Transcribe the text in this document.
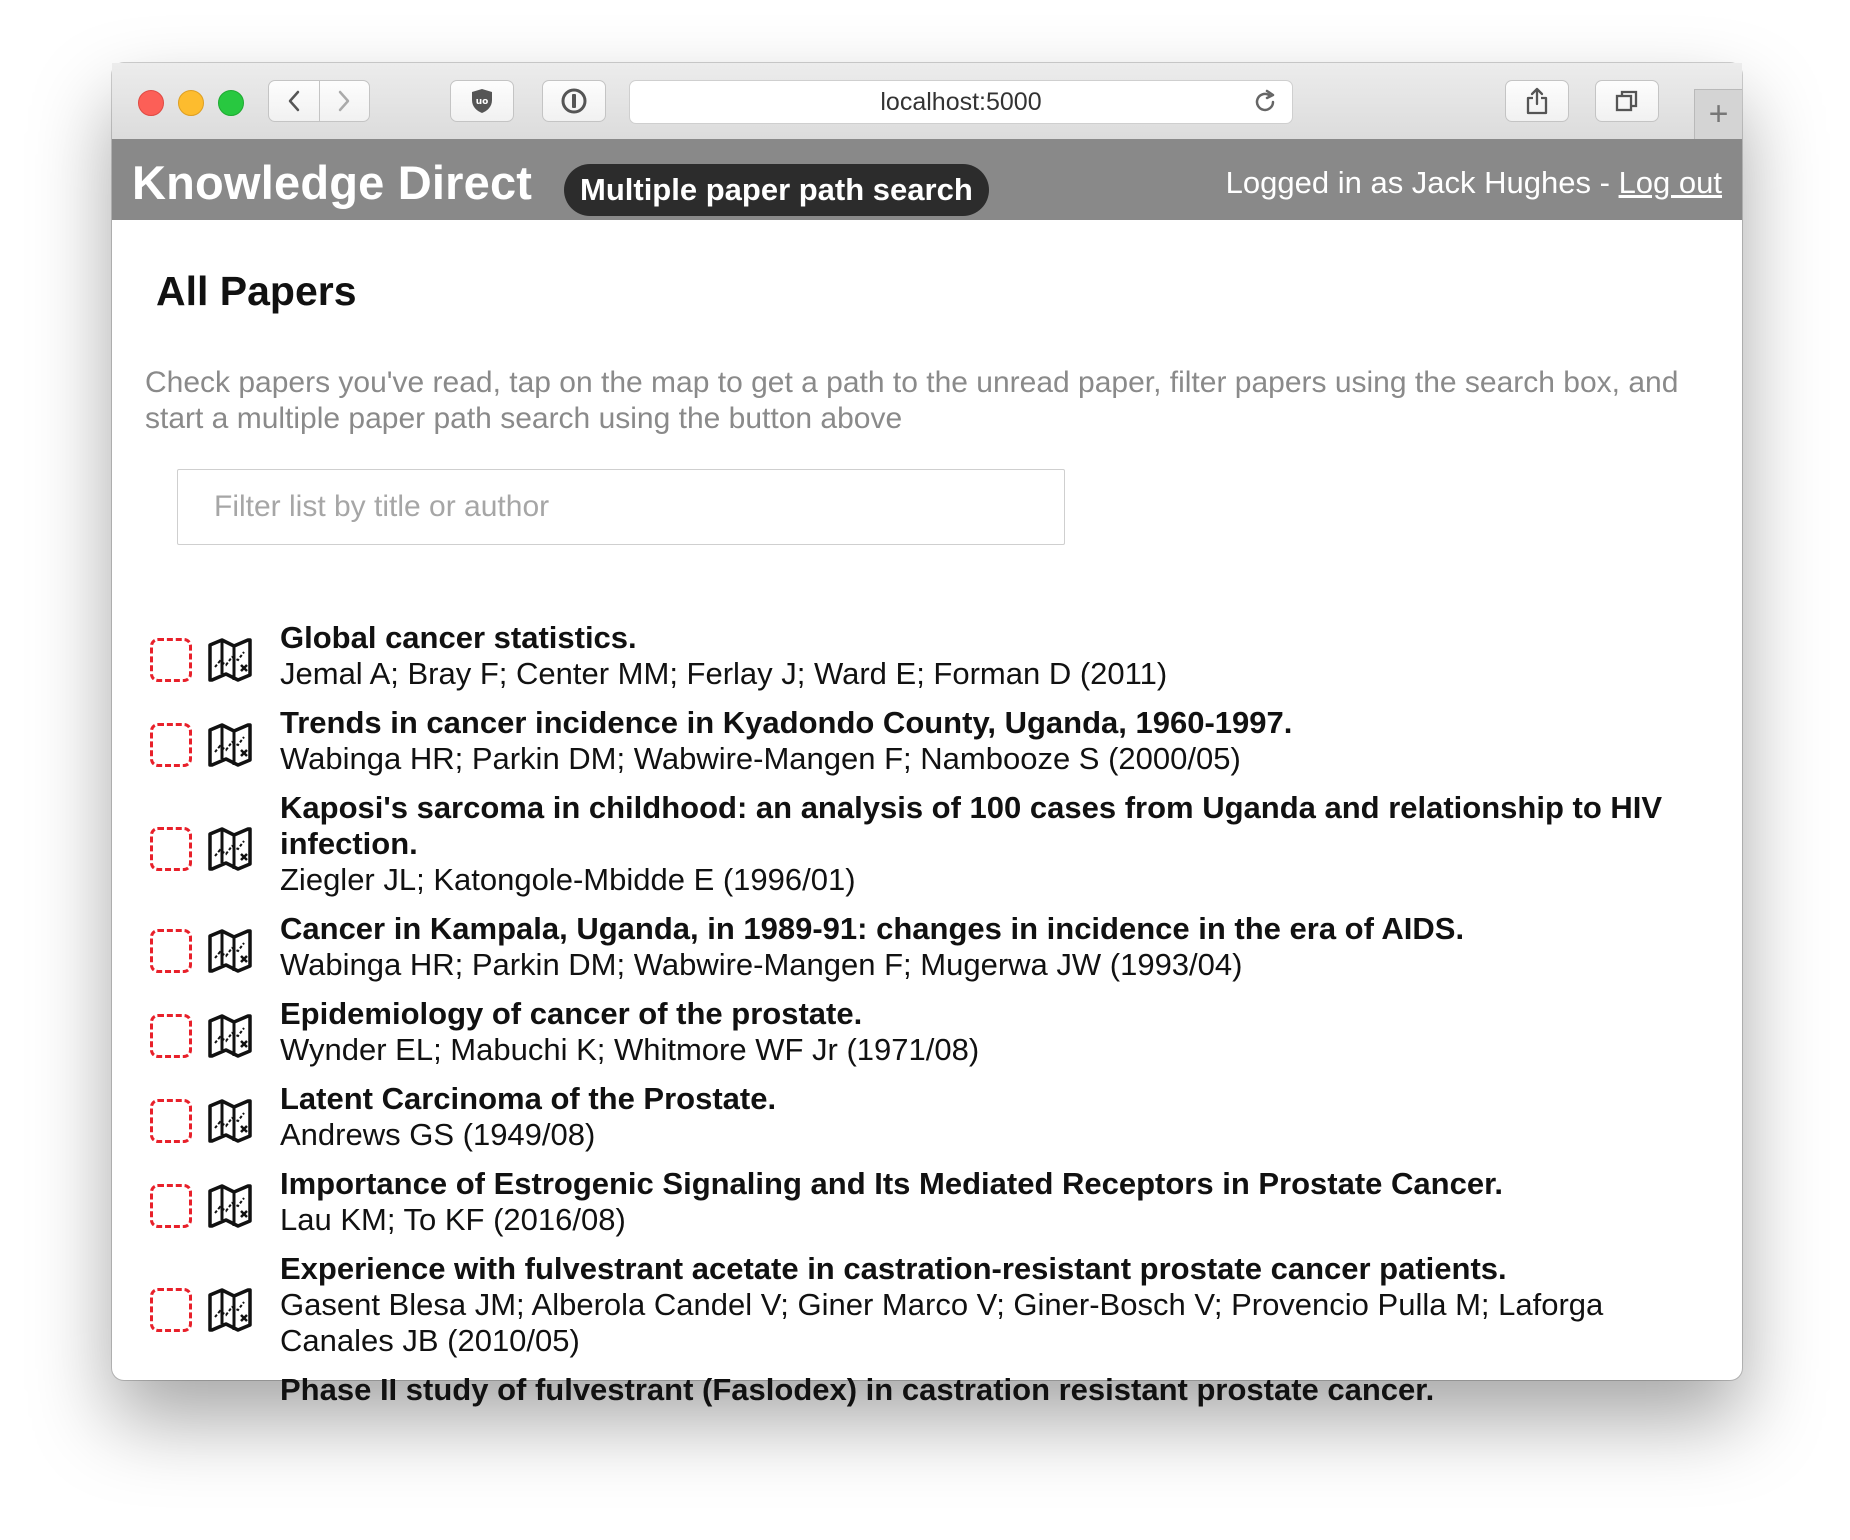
uo	localhost:5000	+
Knowledge Direct	Multiple paper path search	Logged in as Jack Hughes - Log out
All Papers

Check papers you've read, tap on the map to get a path to the unread paper, filter papers using the search box, and start a multiple paper path search using the button above

Filter list by title or author
Global cancer statistics.
Jemal A; Bray F; Center MM; Ferlay J; Ward E; Forman D (2011)
Trends in cancer incidence in Kyadondo County, Uganda, 1960-1997.
Wabinga HR; Parkin DM; Wabwire-Mangen F; Nambooze S (2000/05)
Kaposi's sarcoma in childhood: an analysis of 100 cases from Uganda and relationship to HIV infection.
Ziegler JL; Katongole-Mbidde E (1996/01)
Cancer in Kampala, Uganda, in 1989-91: changes in incidence in the era of AIDS.
Wabinga HR; Parkin DM; Wabwire-Mangen F; Mugerwa JW (1993/04)
Epidemiology of cancer of the prostate.
Wynder EL; Mabuchi K; Whitmore WF Jr (1971/08)
Latent Carcinoma of the Prostate.
Andrews GS (1949/08)
Importance of Estrogenic Signaling and Its Mediated Receptors in Prostate Cancer.
Lau KM; To KF (2016/08)
Experience with fulvestrant acetate in castration-resistant prostate cancer patients.
Gasent Blesa JM; Alberola Candel V; Giner Marco V; Giner-Bosch V; Provencio Pulla M; Laforga Canales JB (2010/05)
Phase II study of fulvestrant (Faslodex) in castration resistant prostate cancer.
